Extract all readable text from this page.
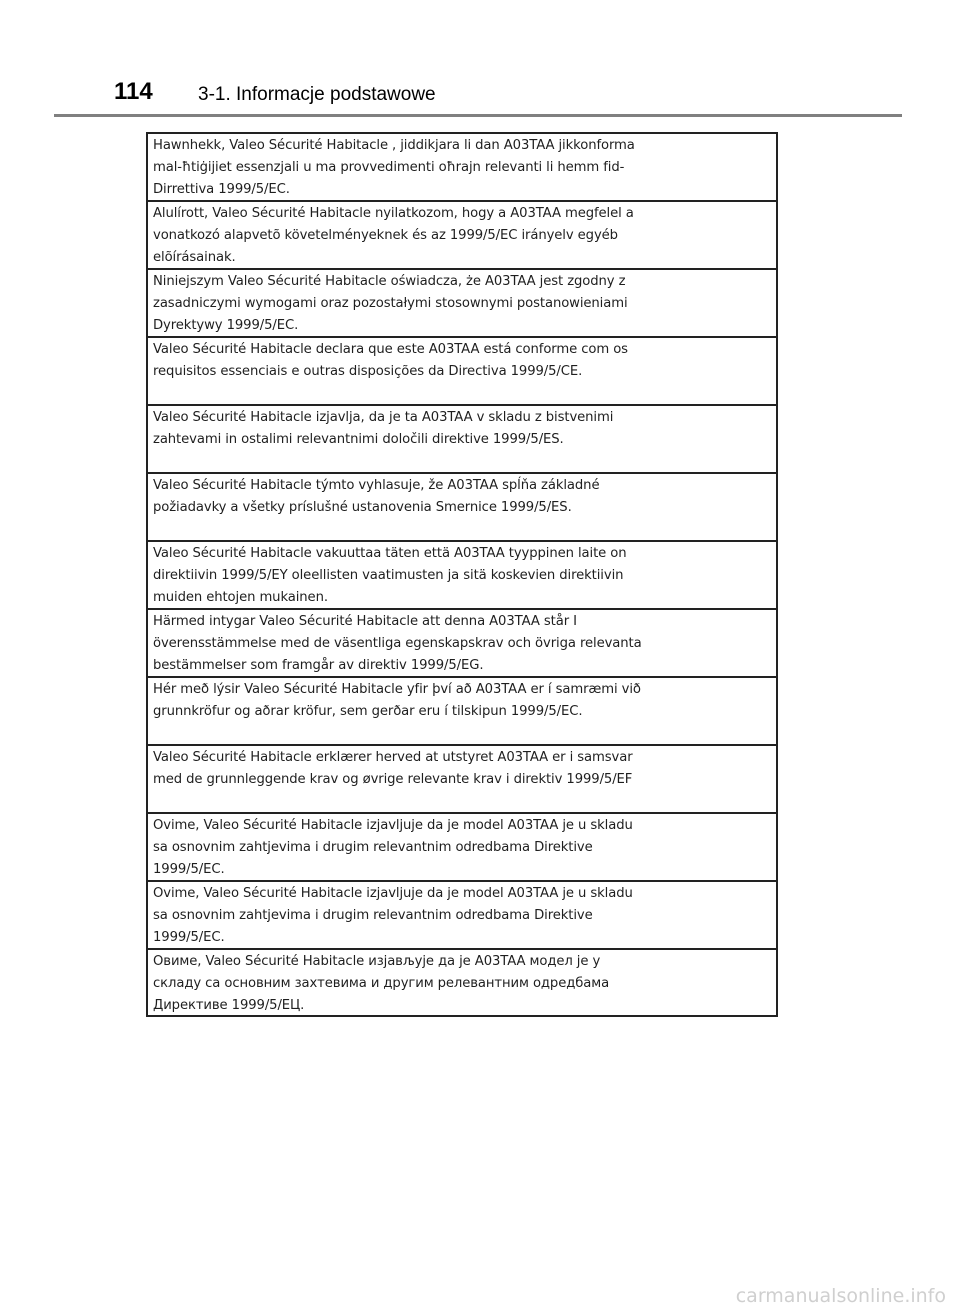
114 3-1. Informacje podstawowe
Hawnhekk, Valeo Sécurité Habitacle , jiddikjara li dan A03TAA jikkonforma
mal-ħtiġijiet essenzjali u ma provvedimenti oħrajn relevanti li hemm fid-
Dirrettiva 1999/5/EC.
Alulírott, Valeo Sécurité Habitacle nyilatkozom, hogy a A03TAA megfelel a
vonatkozó alapvetõ követelményeknek és az 1999/5/EC irányelv egyéb
elõírásainak.
Niniejszym Valeo Sécurité Habitacle oświadcza, że A03TAA jest zgodny z
zasadniczymi wymogami oraz pozostałymi stosownymi postanowieniami
Dyrektywy 1999/5/EC.
Valeo Sécurité Habitacle declara que este A03TAA está conforme com os
requisitos essenciais e outras disposições da Directiva 1999/5/CE.
Valeo Sécurité Habitacle izjavlja, da je ta A03TAA v skladu z bistvenimi
zahtevami in ostalimi relevantnimi določili direktive 1999/5/ES.
Valeo Sécurité Habitacle týmto vyhlasuje, že A03TAA spĺňa základné
požiadavky a všetky príslušné ustanovenia Smernice 1999/5/ES.
Valeo Sécurité Habitacle vakuuttaa täten että A03TAA tyyppinen laite on
direktiivin 1999/5/EY oleellisten vaatimusten ja sitä koskevien direktiivin
muiden ehtojen mukainen.
Härmed intygar Valeo Sécurité Habitacle att denna A03TAA står I
överensstämmelse med de väsentliga egenskapskrav och övriga relevanta
bestämmelser som framgår av direktiv 1999/5/EG.
Hér með lýsir Valeo Sécurité Habitacle yfir því að A03TAA er í samræmi við
grunnkröfur og aðrar kröfur, sem gerðar eru í tilskipun 1999/5/EC.
Valeo Sécurité Habitacle erklærer herved at utstyret A03TAA er i samsvar
med de grunnleggende krav og øvrige relevante krav i direktiv 1999/5/EF
Ovime, Valeo Sécurité Habitacle izjavljuje da je model A03TAA je u skladu
sa osnovnim zahtjevima i drugim relevantnim odredbama Direktive
1999/5/EC.
Ovime, Valeo Sécurité Habitacle izjavljuje da je model A03TAA je u skladu
sa osnovnim zahtjevima i drugim relevantnim odredbama Direktive
1999/5/EC.
Овиме, Valeo Sécurité Habitacle изјављује да је A03TAA модел је у
складу са основним захтевима и другим релевантним одредбама
Директиве 1999/5/ЕЦ.
carmanualsonline.info
